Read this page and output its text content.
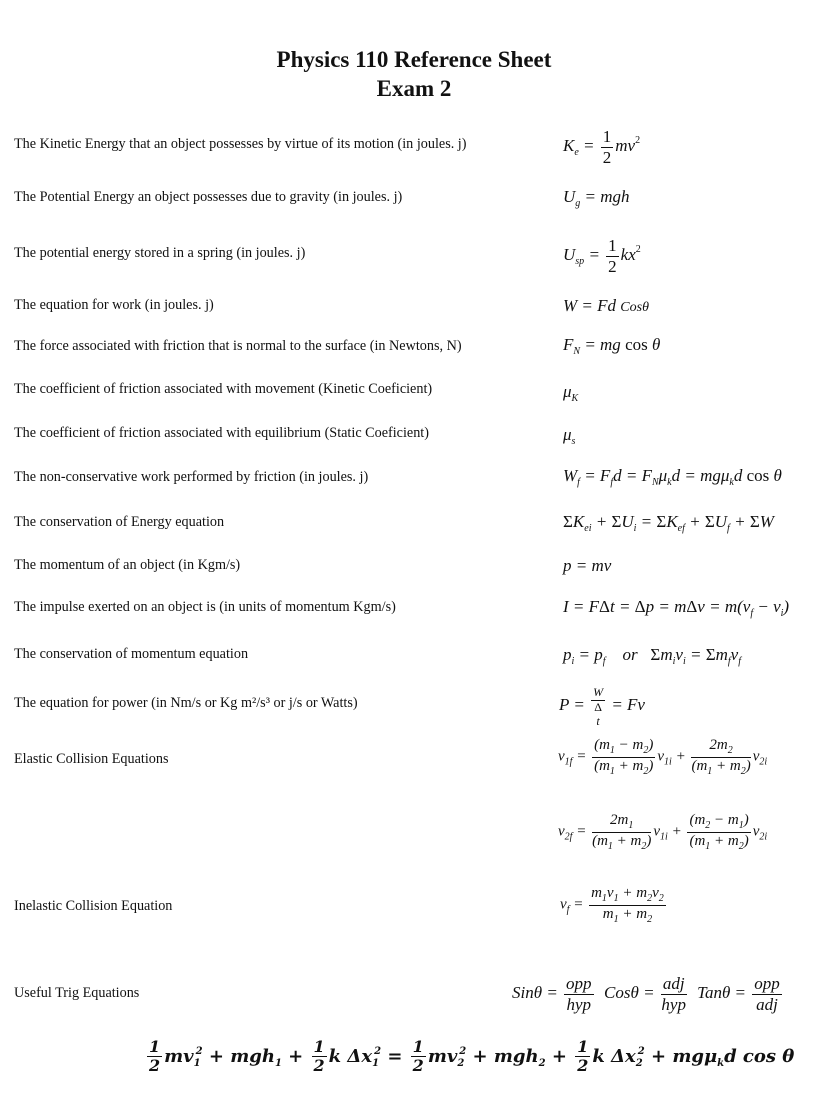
Physics 110 Reference Sheet
Exam 2
The Kinetic Energy that an object possesses by virtue of its motion (in joules. j)
The Potential Energy an object possesses due to gravity (in joules. j)
The potential energy stored in a spring (in joules. j)
The equation for work (in joules. j)
The force associated with friction that is normal to the surface (in Newtons, N)
The coefficient of friction associated with movement (Kinetic Coeficient)
The coefficient of friction associated with equilibrium (Static Coeficient)
The non-conservative work performed by friction (in joules. j)
The conservation of Energy equation
The momentum of an object (in Kgm/s)
The impulse exerted on an object is (in units of momentum Kgm/s)
The conservation of momentum equation
The equation for power (in Nm/s or Kg m²/s³ or j/s or Watts)
Elastic Collision Equations
Inelastic Collision Equation
Useful Trig Equations
$K_e = \frac{1}{2} mv^2$
$U_g$ = mgh
$U_{sp} = \frac{1}{2} kx^2$
W = Fd Cosθ
$F_N$ = mg cos θ
$\mu_K$
$\mu_s$
$W_f = F_fd = F_N\mu_kd = mg\mu_kd$ cos θ
$\Sigma K_{ei} + \Sigma U_i = \Sigma K_{ef} + \Sigma U_f + \Sigma W$
p = mv
$I = F\Delta t = \Delta p = m\Delta v = m(v_f - v_i)$
$p_i = p_f$    or   $\Sigma m_iv_i = \Sigma m_fv_f$
P =
W
Δ
t = Fv
$v_{1f} = \frac{(m_1 - m_2)}{(m_1 + m_2)} v_{1i} + \frac{2m_2}{(m_1 + m_2)} v_{2i}$
$v_{2f} = \frac{2m_1}{(m_1 + m_2)} v_{1i} + \frac{(m_2 - m_1)}{(m_1 + m_2)} v_{2i}$
$v_f = \frac{m_1v_1 + m_2v_2}{m_1 + m_2}$
$Sin\theta = \frac{\text{opp}}{\text{hyp}}$ $Cos\theta = \frac{\text{adj}}{\text{hyp}}$ $Tan\theta = \frac{\text{opp}}{\text{adj}}$
$\frac{1}{2} mv_1^2 + mgh_1 + \frac{1}{2}$ k $\Delta x_1^2 = \frac{1}{2} mv_2^2 + mgh_2 + \frac{1}{2}$ k $\Delta x_2^2 + mg\mu_kd$ cos θ
